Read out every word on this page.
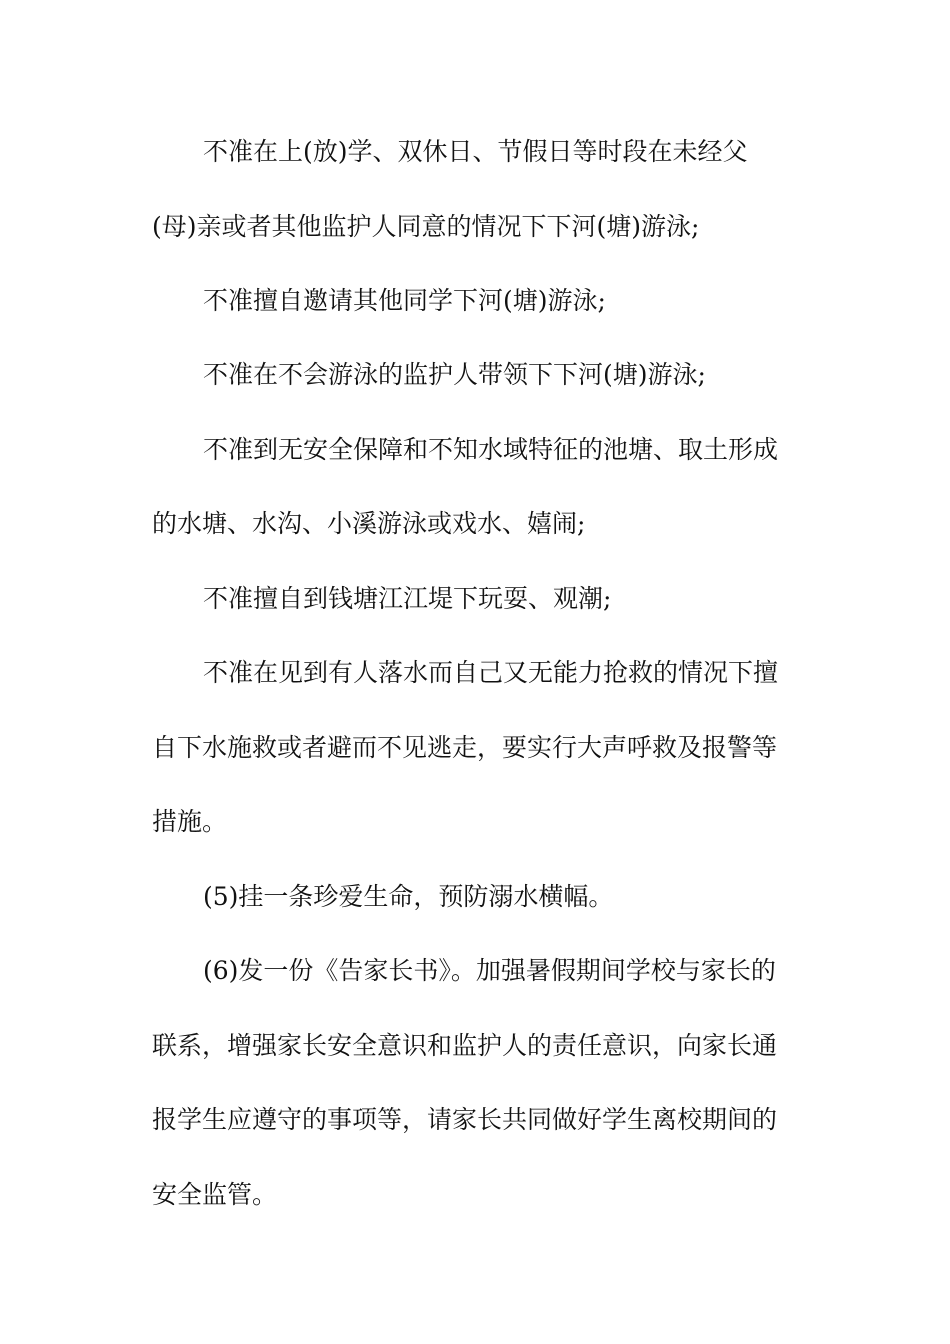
不准在上(放)学、双休日、节假日等时段在未经父
(母)亲或者其他监护人同意的情况下下河(塘)游泳;
不准擅自邀请其他同学下河(塘)游泳;
不准在不会游泳的监护人带领下下河(塘)游泳;
不准到无安全保障和不知水域特征的池塘、取土形成
的水塘、水沟、小溪游泳或戏水、嬉闹;
不准擅自到钱塘江江堤下玩耍、观潮;
不准在见到有人落水而自己又无能力抢救的情况下擅
自下水施救或者避而不见逃走，要实行大声呼救及报警等
措施。
(5)挂一条珍爱生命，预防溺水横幅。
(6)发一份《告家长书》。加强暑假期间学校与家长的
联系，增强家长安全意识和监护人的责任意识，向家长通
报学生应遵守的事项等，请家长共同做好学生离校期间的
安全监管。
